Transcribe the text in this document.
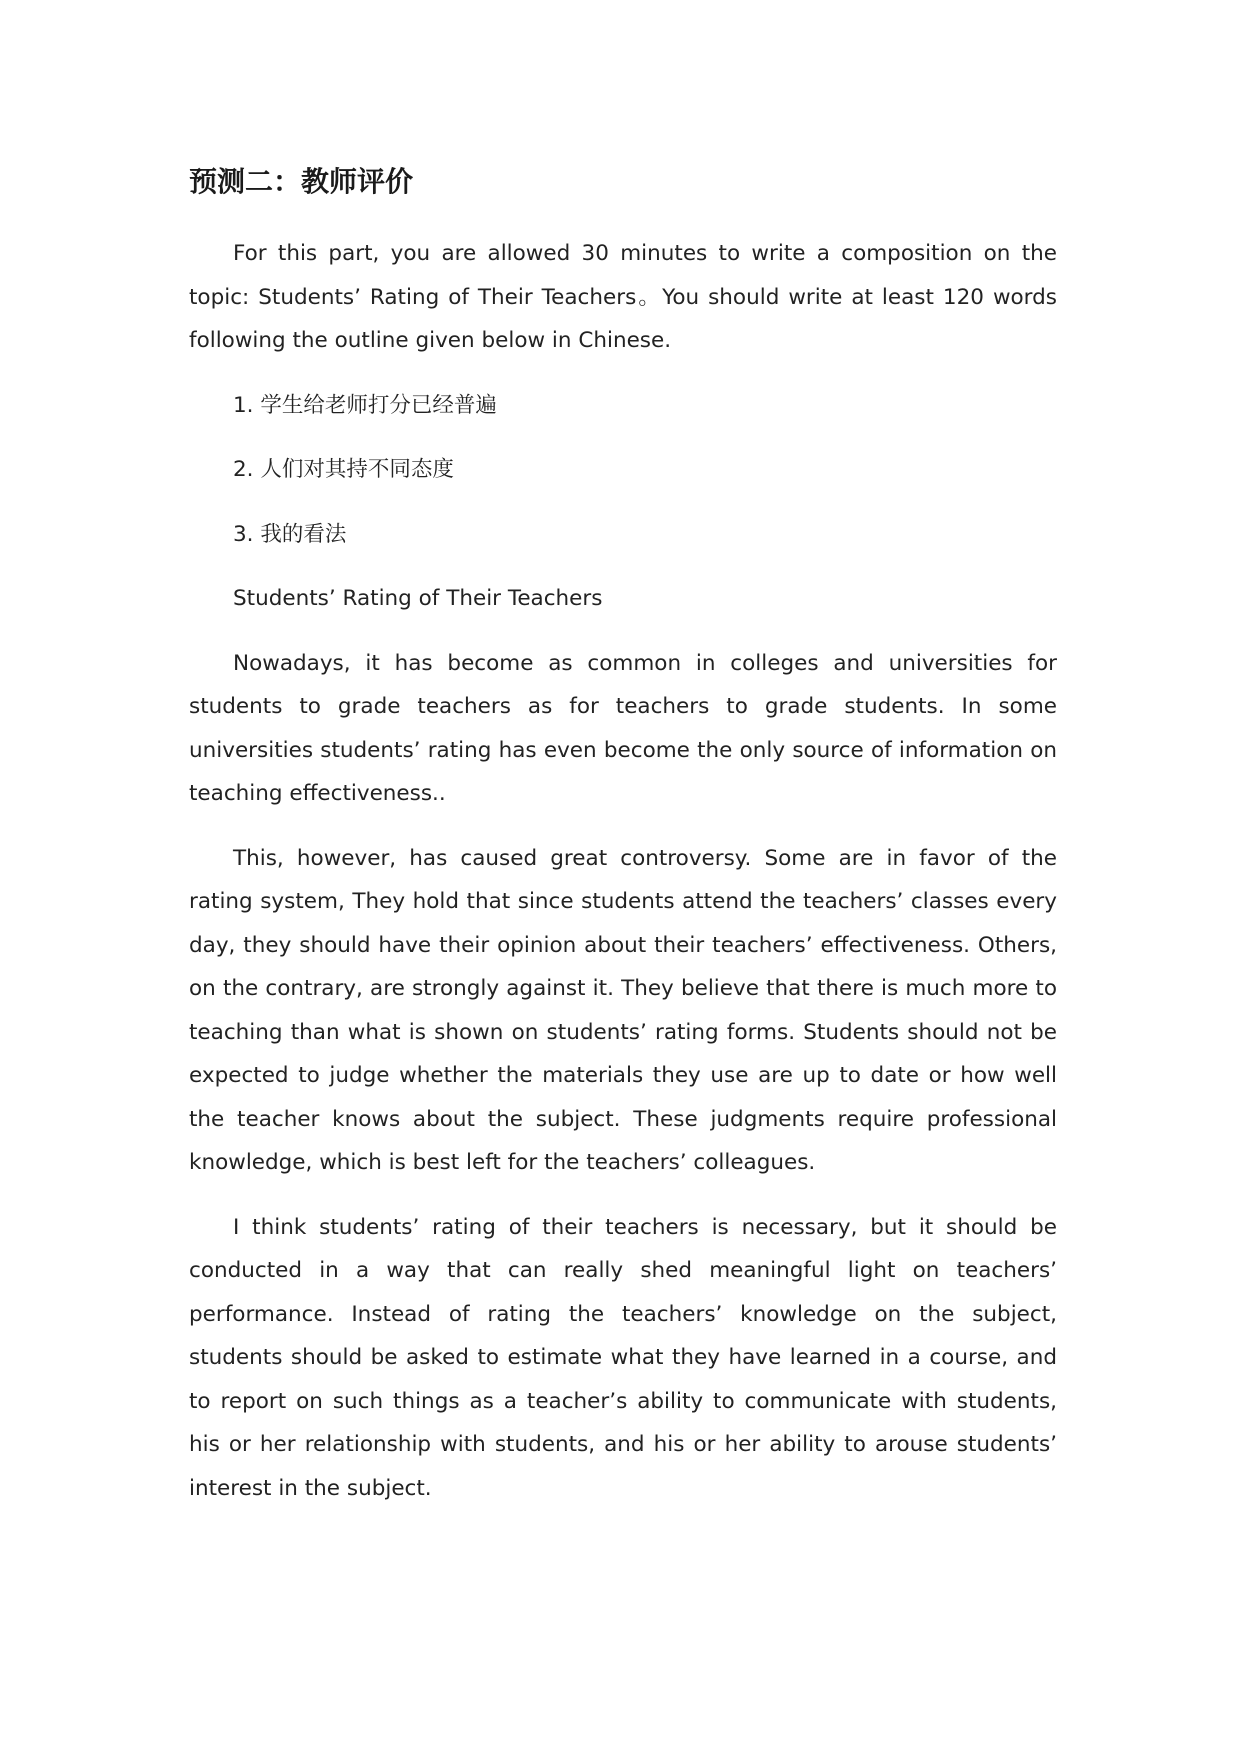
预测二：教师评价

For this part, you are allowed 30 minutes to write a composition on the topic: Students’ Rating of Their Teachers。You should write at least 120 words following the outline given below in Chinese.

1. 学生给老师打分已经普遍

2. 人们对其持不同态度

3. 我的看法

Students’ Rating of Their Teachers

Nowadays, it has become as common in colleges and universities for students to grade teachers as for teachers to grade students. In some universities students’ rating has even become the only source of information on teaching effectiveness..

This, however, has caused great controversy. Some are in favor of the rating system, They hold that since students attend the teachers’ classes every day, they should have their opinion about their teachers’ effectiveness. Others, on the contrary, are strongly against it. They believe that there is much more to teaching than what is shown on students’ rating forms. Students should not be expected to judge whether the materials they use are up to date or how well the teacher knows about the subject. These judgments require professional knowledge, which is best left for the teachers’ colleagues.

I think students’ rating of their teachers is necessary, but it should be conducted in a way that can really shed meaningful light on teachers’ performance. Instead of rating the teachers’ knowledge on the subject, students should be asked to estimate what they have learned in a course, and to report on such things as a teacher’s ability to communicate with students, his or her relationship with students, and his or her ability to arouse students’ interest in the subject.
